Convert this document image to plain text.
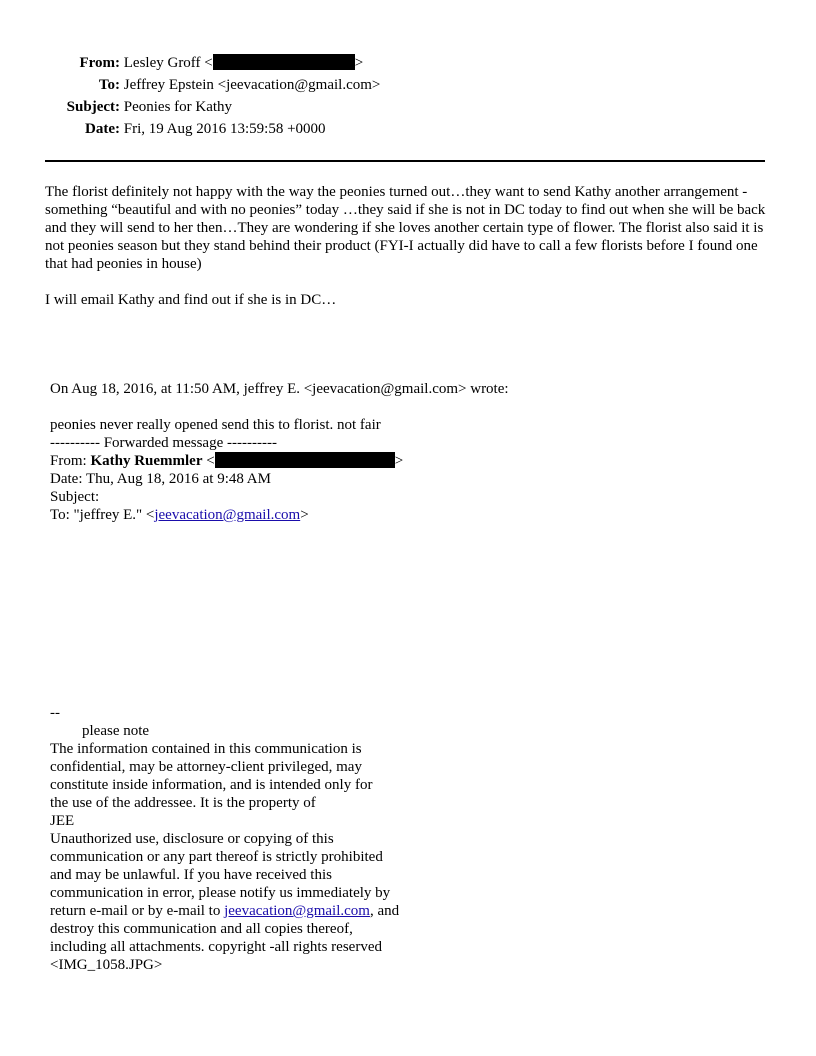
From: Lesley Groff <	>
To: Jeffrey Epstein <jeevacation@gmail.com>
Subject: Peonies for Kathy
Date: Fri, 19 Aug 2016 13:59:58 +0000

The florist definitely not happy with the way the peonies turned out…they want to send Kathy another arrangement -something “beautiful and with no peonies” today …they said if she is not in DC today to find out when she will be back and they will send to her then…They are wondering if she loves another certain type of flower. The florist also said it is not peonies season but they stand behind their product (FYI-I actually did have to call a few florists before I found one that had peonies in house)

I will email Kathy and find out if she is in DC…

On Aug 18, 2016, at 11:50 AM, jeffrey E. <jeevacation@gmail.com> wrote:
peonies never really opened send this to florist. not fair
---------- Forwarded message ----------
From: Kathy Ruemmler <	>
Date: Thu, Aug 18, 2016 at 9:48 AM
Subject:
To: "jeffrey E." <jeevacation@gmail.com>
--
please note
The information contained in this communication is
confidential, may be attorney-client privileged, may
constitute inside information, and is intended only for
the use of the addressee. It is the property of
JEE
Unauthorized use, disclosure or copying of this
communication or any part thereof is strictly prohibited
and may be unlawful. If you have received this
communication in error, please notify us immediately by
return e-mail or by e-mail to jeevacation@gmail.com, and
destroy this communication and all copies thereof,
including all attachments. copyright -all rights reserved
<IMG_1058.JPG>
